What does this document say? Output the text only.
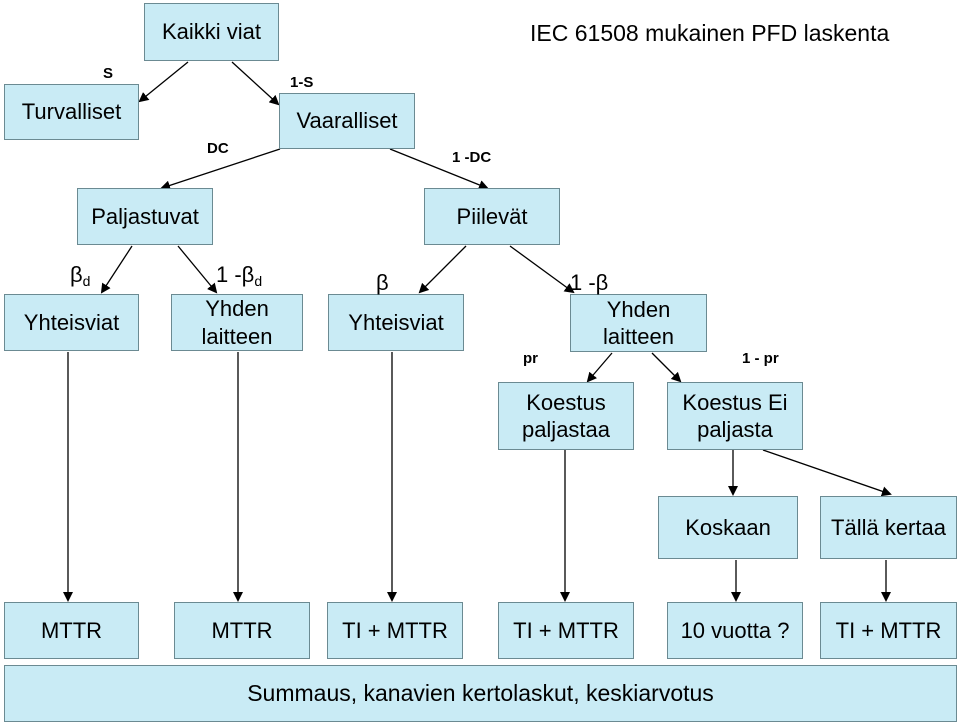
IEC 61508 mukainen PFD laskenta
Kaikki viat
Turvalliset	Vaaralliset
Paljastuvat	Piilevät
Yhteisviat
Yhden laitteen
Yhteisviat
Yhden laitteen
Koestus paljastaa
Koestus Ei paljasta
Koskaan	Tällä kertaa
MTTR	MTTR	TI + MTTR	TI + MTTR	10 vuotta ?	TI + MTTR
Summaus, kanavien kertolaskut, keskiarvotus
S
1-S
DC
1 -DC
$\beta_d$	1 $-\beta_d$	β	1 -β
pr	1 - pr
